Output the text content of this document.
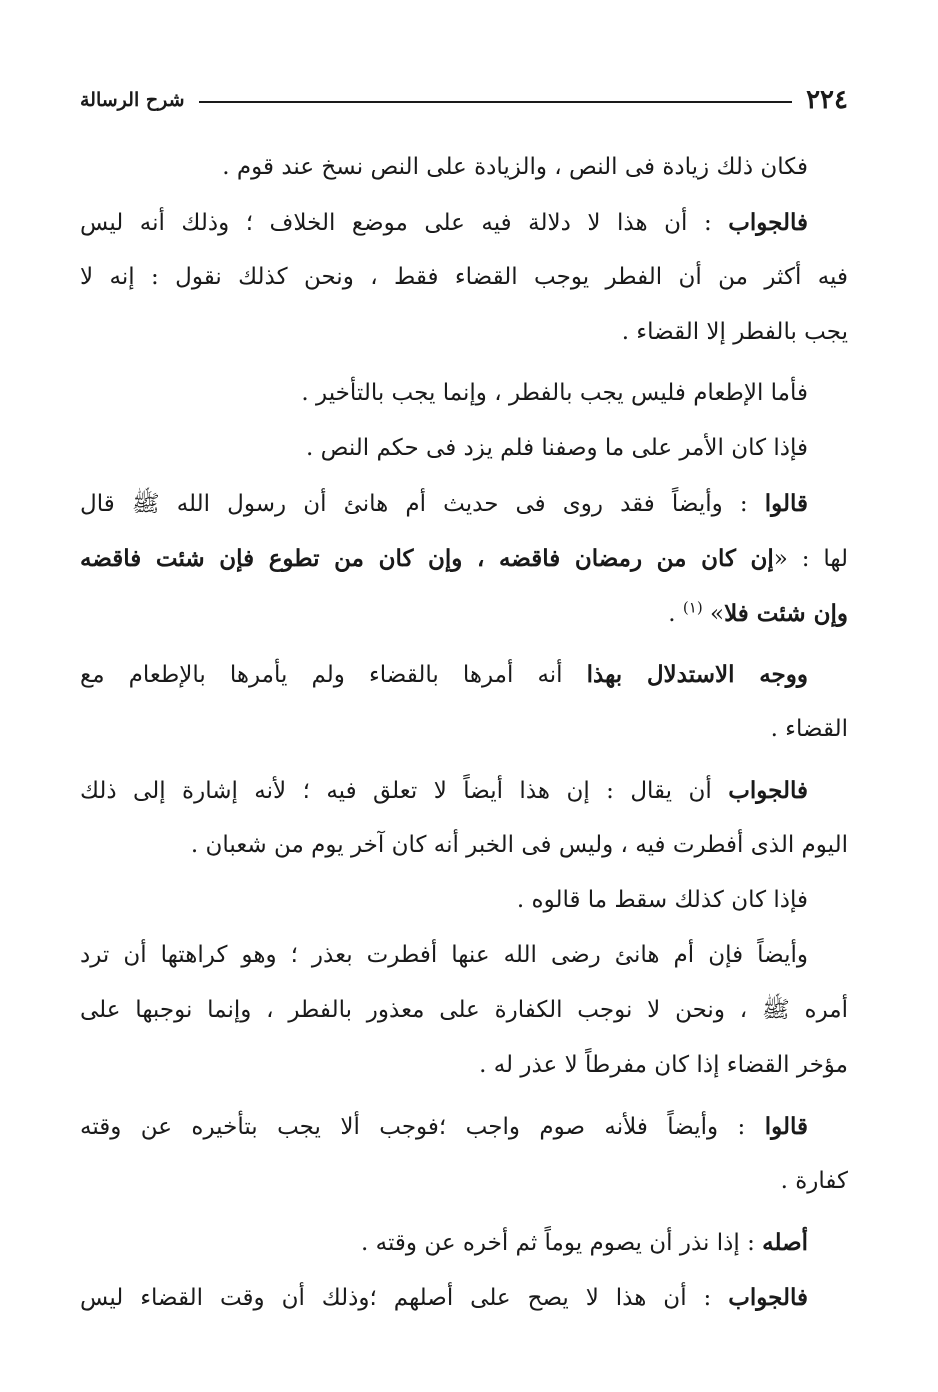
٢٢٤
شرح الرسالة
فكان ذلك زيادة فى النص ، والزيادة على النص نسخ عند قوم .
فالجواب : أن هذا لا دلالة فيه على موضع الخلاف ؛ وذلك أنه ليس
فيه أكثر من أن الفطر يوجب القضاء فقط ، ونحن كذلك نقول : إنه لا
يجب بالفطر إلا القضاء .
فأما الإطعام فليس يجب بالفطر ، وإنما يجب بالتأخير .
فإذا كان الأمر على ما وصفنا فلم يزد فى حكم النص .
قالوا : وأيضاً فقد روى فى حديث أم هانئ أن رسول الله ﷺ قال
لها : «إن كان من رمضان فاقضه ، وإن كان من تطوع فإن شئت فاقضه
وإن شئت فلا» $^{(١)}$ .
ووجه الاستدلال بهذا أنه أمرها بالقضاء ولم يأمرها بالإطعام مع
القضاء .
فالجواب أن يقال : إن هذا أيضاً لا تعلق فيه ؛ لأنه إشارة إلى ذلك
اليوم الذى أفطرت فيه ، وليس فى الخبر أنه كان آخر يوم من شعبان .
فإذا كان كذلك سقط ما قالوه .
وأيضاً فإن أم هانئ رضى الله عنها أفطرت بعذر ؛ وهو كراهتها أن ترد
أمره ﷺ ، ونحن لا نوجب الكفارة على معذور بالفطر ، وإنما نوجبها على
مؤخر القضاء إذا كان مفرطاً لا عذر له .
قالوا : وأيضاً فلأنه صوم واجب ؛فوجب ألا يجب بتأخيره عن وقته
كفارة .
أصله : إذا نذر أن يصوم يوماً ثم أخره عن وقته .
فالجواب : أن هذا لا يصح على أصلهم ؛وذلك أن وقت القضاء ليس
